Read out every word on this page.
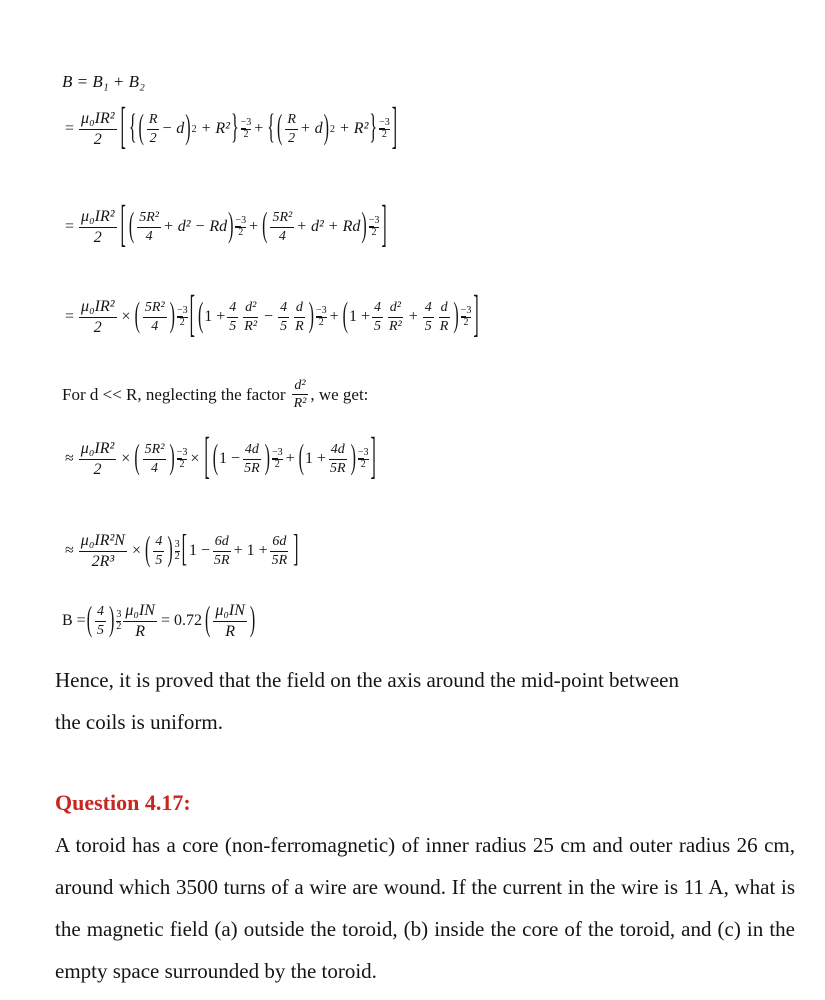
B = B₁ + B₂
= $\frac{\text{μ₀IR²}}{2}$ [ { ( $\frac{R}{2} - d$ ) 2 + R² } $\frac{-3}{2}$ + { ( $\frac{R}{2} + d$ ) 2 + R² } $\frac{-3}{2}$ ]
= $\frac{\text{μ₀IR²}}{2}$ [ ( $\frac{\text{5R²}}{4} + d^2 - Rd$ ) $\frac{-3}{2}$ + ( $\frac{\text{5R²}}{4} + d^2 + Rd$ ) $\frac{-3}{2}$ ]
= $\frac{\text{μ₀IR²}}{2}$ × ( $\frac{\text{5R²}}{4}$ ) $\frac{-3}{2}$ [ ( $1 + \frac{4}{5} \frac{\text{d²}}{\text{R²}} - \frac{4}{5} \frac{d}{R}$ ) $\frac{-3}{2}$ + ( $1 + \frac{4}{5} \frac{\text{d²}}{\text{R²}} + \frac{4}{5} \frac{d}{R}$ ) $\frac{-3}{2}$ ]
For d << R, neglecting the factor $\frac{\text{d²}}{\text{R²}}$ , we get:
≈ $\frac{\text{μ₀IR²}}{2}$ × ( $\frac{\text{5R²}}{4}$ ) $\frac{-3}{2}$ × [ ( $1 - \frac{4d}{5R}$ ) $\frac{-3}{2}$ + ( $1 + \frac{4d}{5R}$ ) $\frac{-3}{2}$ ]
≈ $\frac{\text{μ₀IR²N}}{\text{2R³}}$ × ( $\frac{4}{5}$ ) $\frac{3}{2}$ [ $1 - \frac{6d}{5R} + 1 + \frac{6d}{5R}$ ]
B = ( $\frac{4}{5}$ ) $\frac{3}{2} \frac{\text{μ₀IN}}{R} = 0.72$ ( $\frac{\text{μ₀IN}}{R}$ )
Hence, it is proved that the field on the axis around the mid-point between
the coils is uniform.
Question 4.17:
A toroid has a core (non-ferromagnetic) of inner radius 25 cm and outer radius 26 cm, around which 3500 turns of a wire are wound. If the current in the wire is 11 A, what is the magnetic field (a) outside the toroid, (b) inside the core of the toroid, and (c) in the empty space surrounded by the toroid.
